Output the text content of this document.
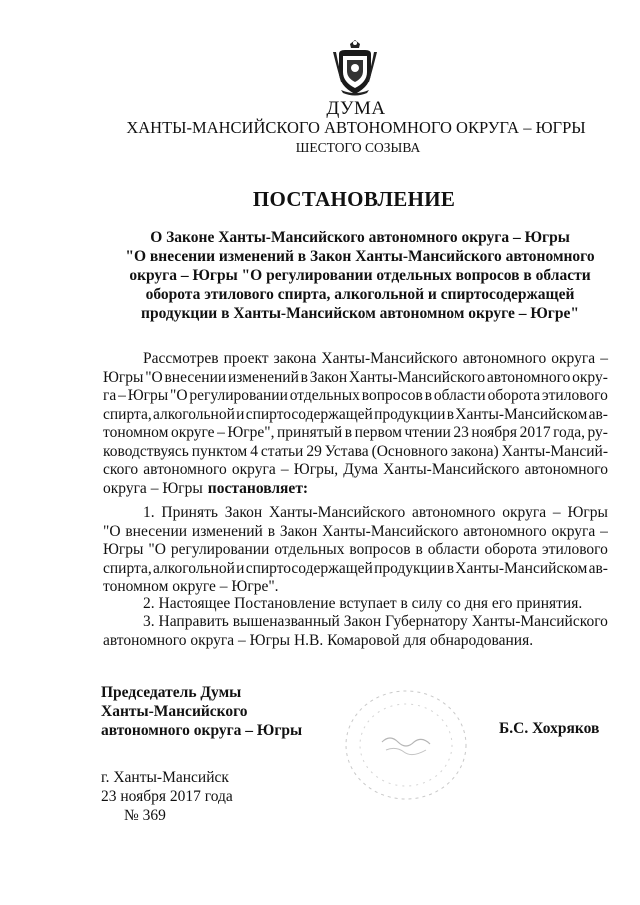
ДУМА
ХАНТЫ-МАНСИЙСКОГО АВТОНОМНОГО ОКРУГА – ЮГРЫ
ШЕСТОГО СОЗЫВА
ПОСТАНОВЛЕНИЕ
О Законе Ханты-Мансийского автономного округа – Югры
"О внесении изменений в Закон Ханты-Мансийского автономного
округа – Югры "О регулировании отдельных вопросов в области
оборота этилового спирта, алкогольной и спиртосодержащей
продукции в Ханты-Мансийском автономном округе – Югре"
Рассмотрев проект закона Ханты-Мансийского автономного округа –
Югры "О внесении изменений в Закон Ханты-Мансийского автономного окру-
га – Югры "О регулировании отдельных вопросов в области оборота этилового
спирта, алкогольной и спиртосодержащей продукции в Ханты-Мансийском ав-
тономном округе – Югре", принятый в первом чтении 23 ноября 2017 года, ру-
ководствуясь пунктом 4 статьи 29 Устава (Основного закона) Ханты-Мансий-
ского автономного округа – Югры, Дума Ханты-Мансийского автономного
округа – Югры постановляет:
1. Принять Закон Ханты-Мансийского автономного округа – Югры
"О внесении изменений в Закон Ханты-Мансийского автономного округа –
Югры "О регулировании отдельных вопросов в области оборота этилового
спирта, алкогольной и спиртосодержащей продукции в Ханты-Мансийском ав-
тономном округе – Югре".
2. Настоящее Постановление вступает в силу со дня его принятия.
3. Направить вышеназванный Закон Губернатору Ханты-Мансийского
автономного округа – Югры Н.В. Комаровой для обнародования.
Председатель Думы
Ханты-Мансийского
автономного округа – Югры	Б.С. Хохряков
г. Ханты-Мансийск
23 ноября 2017 года
№ 369
